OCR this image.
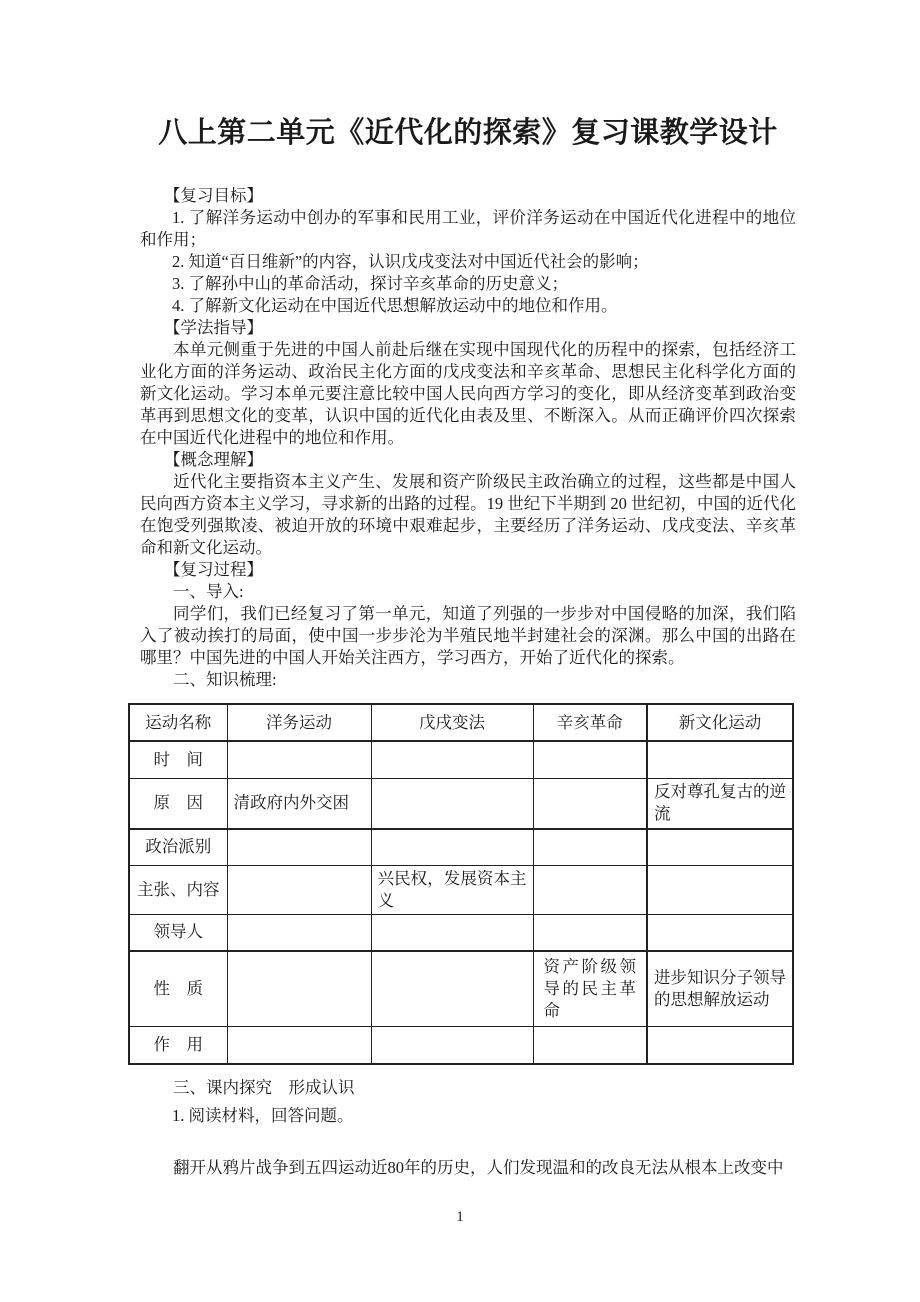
八上第二单元《近代化的探索》复习课教学设计

【复习目标】

1. 了解洋务运动中创办的军事和民用工业，评价洋务运动在中国近代化进程中的地位和作用；

2. 知道“百日维新”的内容，认识戊戌变法对中国近代社会的影响；

3. 了解孙中山的革命活动，探讨辛亥革命的历史意义；

4. 了解新文化运动在中国近代思想解放运动中的地位和作用。

【学法指导】

本单元侧重于先进的中国人前赴后继在实现中国现代化的历程中的探索，包括经济工业化方面的洋务运动、政治民主化方面的戊戌变法和辛亥革命、思想民主化科学化方面的新文化运动。学习本单元要注意比较中国人民向西方学习的变化，即从经济变革到政治变革再到思想文化的变革，认识中国的近代化由表及里、不断深入。从而正确评价四次探索在中国近代化进程中的地位和作用。

【概念理解】

近代化主要指资本主义产生、发展和资产阶级民主政治确立的过程，这些都是中国人民向西方资本主义学习，寻求新的出路的过程。19 世纪下半期到 20 世纪初，中国的近代化在饱受列强欺凌、被迫开放的环境中艰难起步，主要经历了洋务运动、戊戌变法、辛亥革命和新文化运动。

【复习过程】

一、导入:

同学们，我们已经复习了第一单元，知道了列强的一步步对中国侵略的加深，我们陷入了被动挨打的局面，使中国一步步沦为半殖民地半封建社会的深渊。那么中国的出路在哪里？中国先进的中国人开始关注西方，学习西方，开始了近代化的探索。

二、知识梳理:

运动名称	洋务运动	戊戌变法	辛亥革命	新文化运动
时　间				
原　因	清政府内外交困			反对尊孔复古的逆流
政治派别				
主张、内容		兴民权，发展资本主义		
领导人				
性　质			资产阶级领导的民主革命	进步知识分子领导的思想解放运动
作　用				

三、课内探究　形成认识

1. 阅读材料，回答问题。

翻开从鸦片战争到五四运动近80年的历史，人们发现温和的改良无法从根本上改变中

1
